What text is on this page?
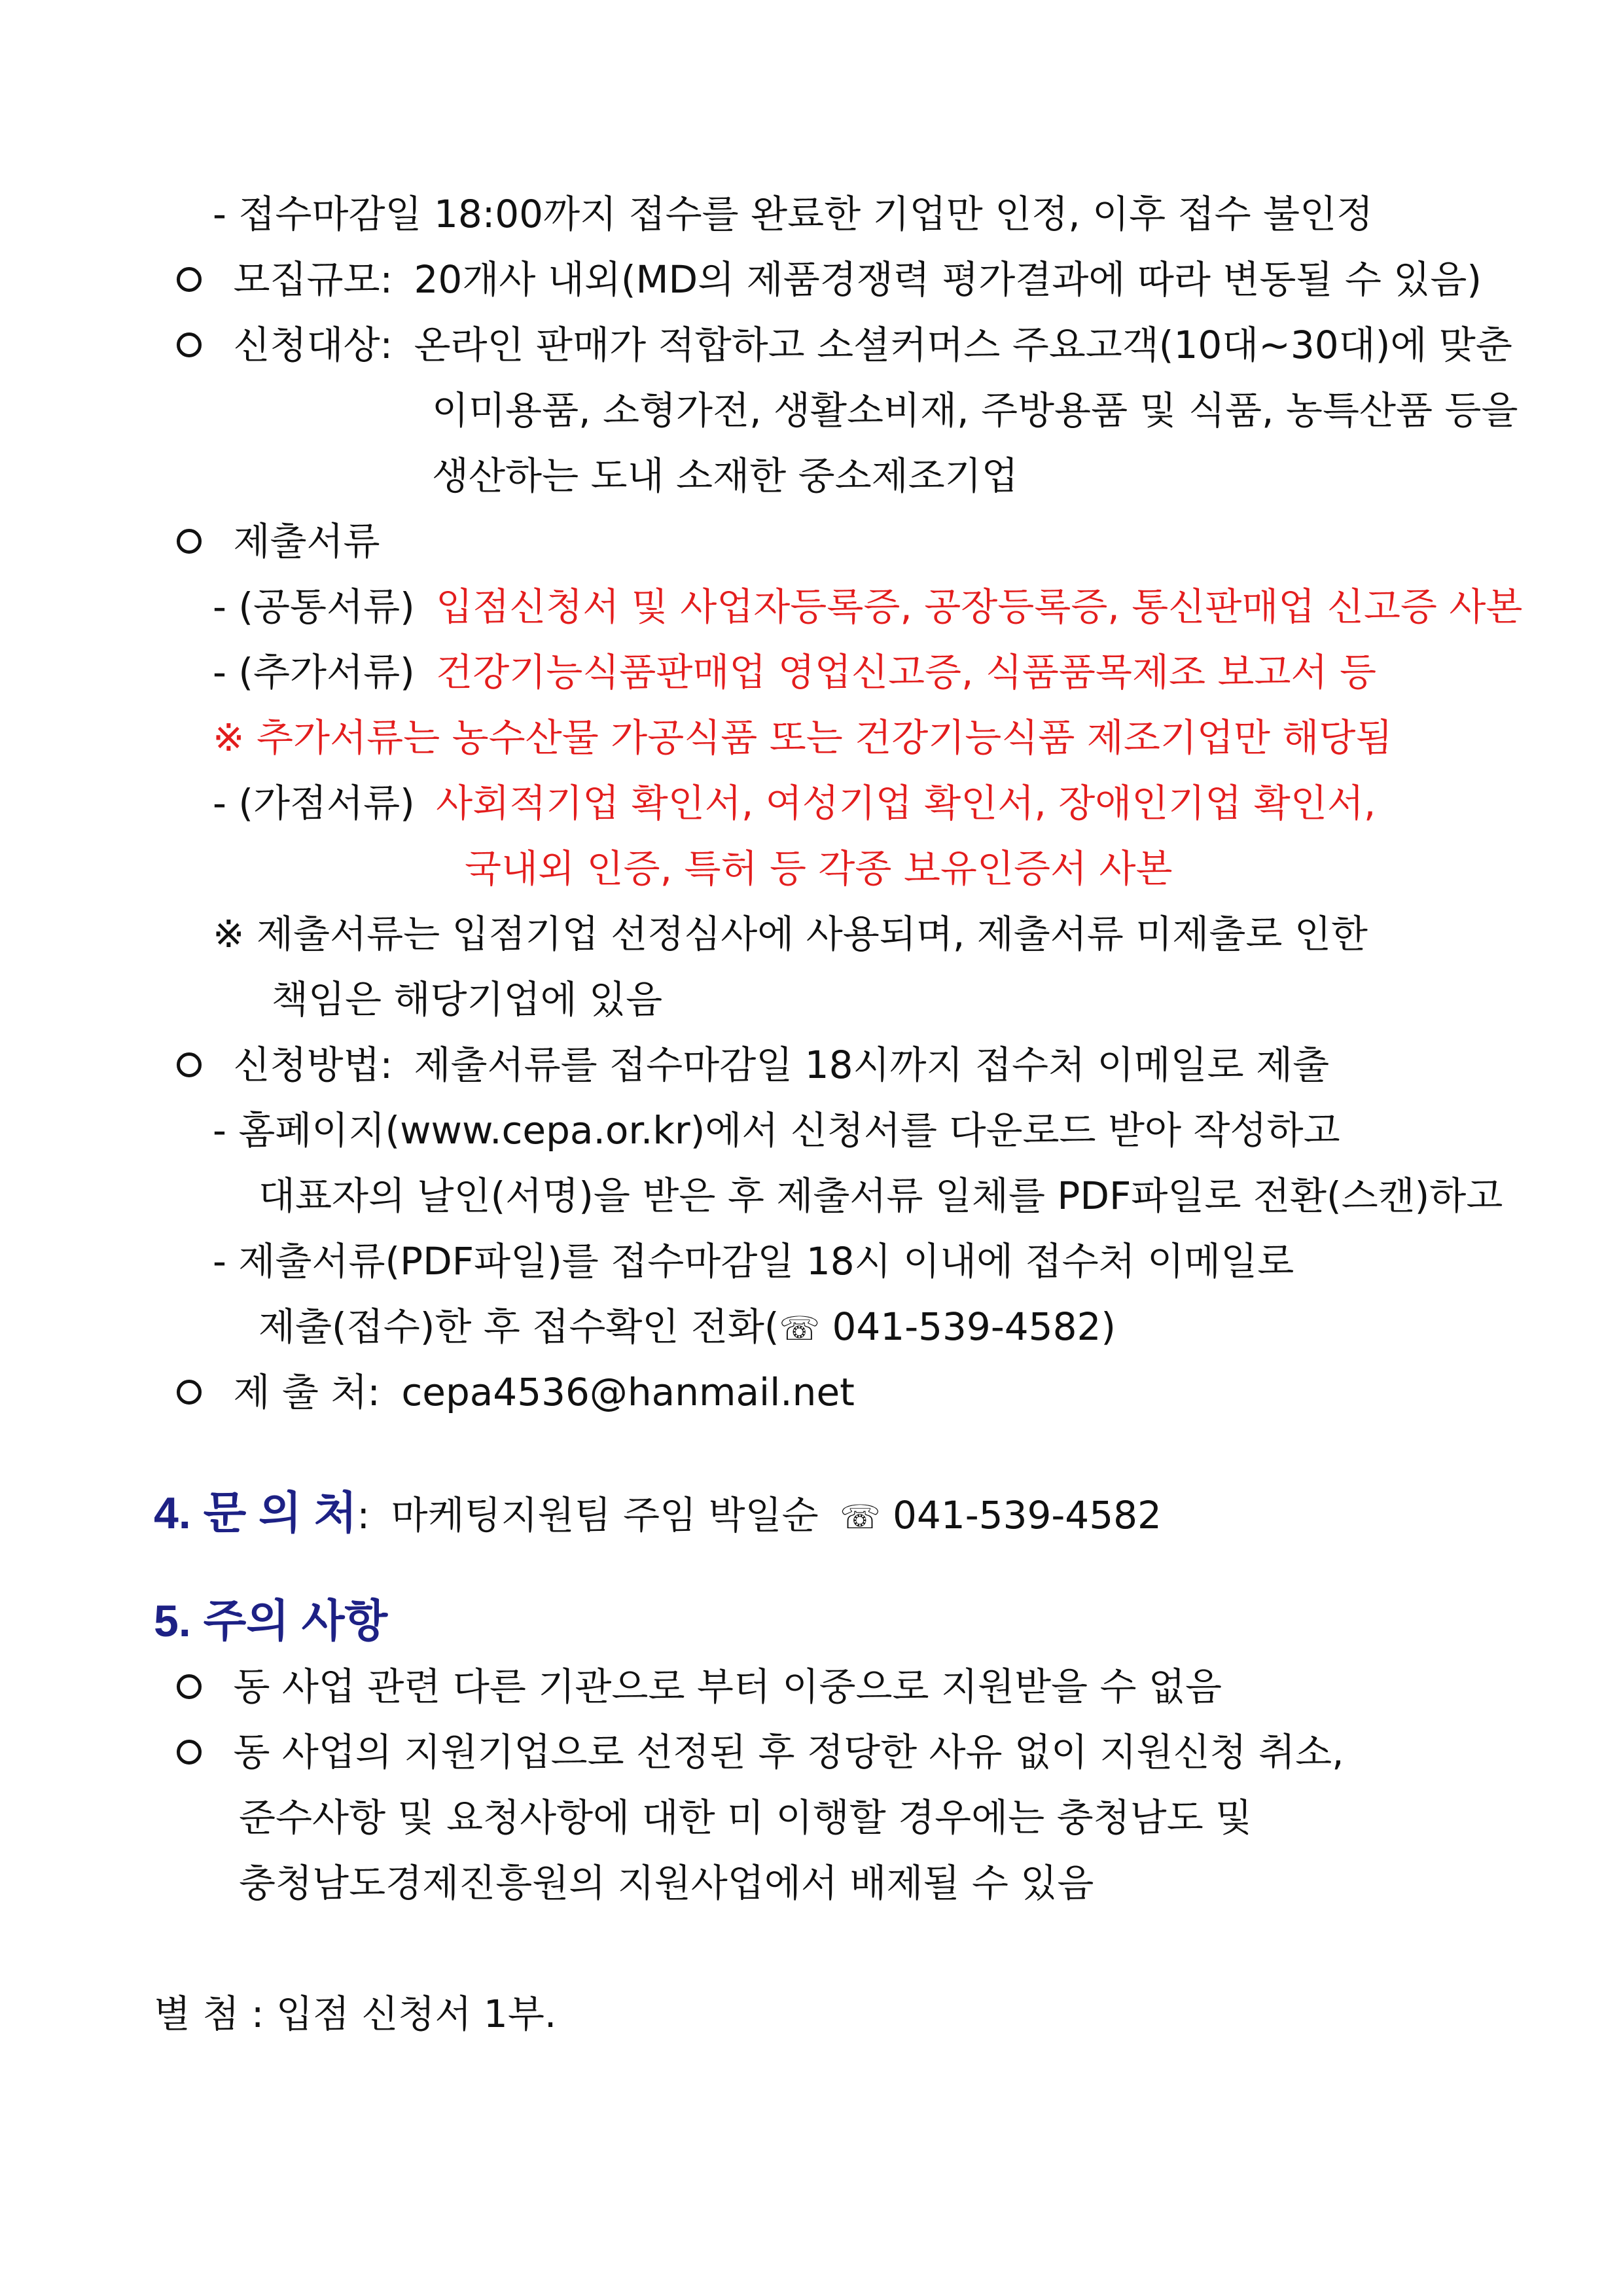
- 접수마감일 18:00까지 접수를 완료한 기업만 인정, 이후 접수 불인정
모집규모: 20개사 내외(MD의 제품경쟁력 평가결과에 따라 변동될 수 있음)
신청대상: 온라인 판매가 적합하고 소셜커머스 주요고객(10대~30대)에 맞춘
이미용품, 소형가전, 생활소비재, 주방용품 및 식품, 농특산품 등을
생산하는 도내 소재한 중소제조기업
제출서류
- (공통서류) 입점신청서 및 사업자등록증, 공장등록증, 통신판매업 신고증 사본
- (추가서류) 건강기능식품판매업 영업신고증, 식품품목제조 보고서 등
※ 추가서류는 농수산물 가공식품 또는 건강기능식품 제조기업만 해당됨
- (가점서류) 사회적기업 확인서, 여성기업 확인서, 장애인기업 확인서,
국내외 인증, 특허 등 각종 보유인증서 사본
※ 제출서류는 입점기업 선정심사에 사용되며, 제출서류 미제출로 인한
책임은 해당기업에 있음
신청방법: 제출서류를 접수마감일 18시까지 접수처 이메일로 제출
- 홈페이지(www.cepa.or.kr)에서 신청서를 다운로드 받아 작성하고
대표자의 날인(서명)을 받은 후 제출서류 일체를 PDF파일로 전환(스캔)하고
- 제출서류(PDF파일)를 접수마감일 18시 이내에 접수처 이메일로
제출(접수)한 후 접수확인 전화(☏ 041-539-4582)
제 출 처: cepa4536@hanmail.net
4. 문 의 처: 마케팅지원팀 주임 박일순 ☏ 041-539-4582
5. 주의 사항
동 사업 관련 다른 기관으로 부터 이중으로 지원받을 수 없음
동 사업의 지원기업으로 선정된 후 정당한 사유 없이 지원신청 취소,
준수사항 및 요청사항에 대한 미 이행할 경우에는 충청남도 및
충청남도경제진흥원의 지원사업에서 배제될 수 있음
별 첨 : 입점 신청서 1부.
